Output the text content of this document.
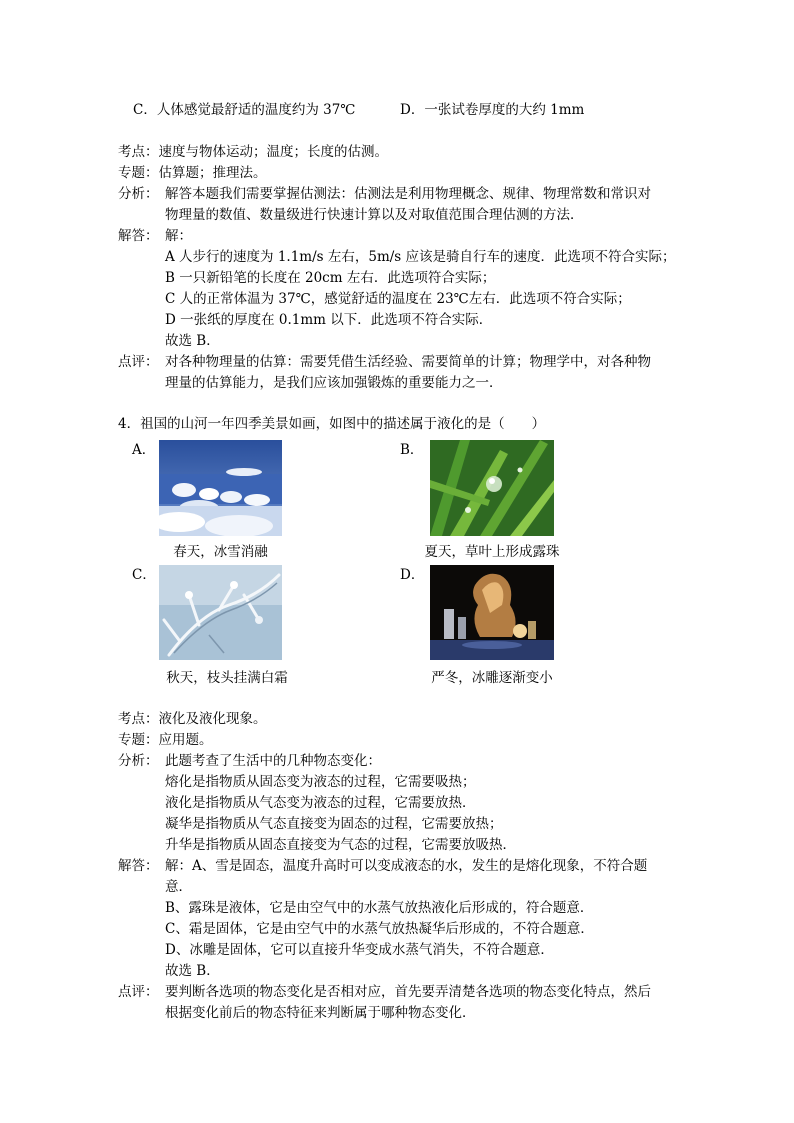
C．人体感觉最舒适的温度约为 37℃	D．一张试卷厚度的大约 1mm
考点：速度与物体运动；温度；长度的估测。
专题：估算题；推理法。
分析： 解答本题我们需要掌握估测法：估测法是利用物理概念、规律、物理常数和常识对
物理量的数值、数量级进行快速计算以及对取值范围合理估测的方法．
解答： 解：
A 人步行的速度为 1.1m/s 左右，5m/s 应该是骑自行车的速度．此选项不符合实际；
B 一只新铅笔的长度在 20cm 左右．此选项符合实际；
C 人的正常体温为 37℃，感觉舒适的温度在 23℃左右．此选项不符合实际；
D 一张纸的厚度在 0.1mm 以下．此选项不符合实际．
故选 B．
点评： 对各种物理量的估算：需要凭借生活经验、需要简单的计算；物理学中，对各种物
理量的估算能力，是我们应该加强锻炼的重要能力之一．
4．祖国的山河一年四季美景如画，如图中的描述属于液化的是（　　）
A．
春天，冰雪消融
B．
夏天，草叶上形成露珠
C．
秋天，枝头挂满白霜
D．
严冬，冰雕逐渐变小
考点：液化及液化现象。
专题：应用题。
分析： 此题考查了生活中的几种物态变化：
熔化是指物质从固态变为液态的过程，它需要吸热；
液化是指物质从气态变为液态的过程，它需要放热．
凝华是指物质从气态直接变为固态的过程，它需要放热；
升华是指物质从固态直接变为气态的过程，它需要放吸热．
解答： 解：A、雪是固态，温度升高时可以变成液态的水，发生的是熔化现象，不符合题
意．
B、露珠是液体，它是由空气中的水蒸气放热液化后形成的，符合题意．
C、霜是固体，它是由空气中的水蒸气放热凝华后形成的，不符合题意．
D、冰雕是固体，它可以直接升华变成水蒸气消失，不符合题意．
故选 B．
点评： 要判断各选项的物态变化是否相对应，首先要弄清楚各选项的物态变化特点，然后
根据变化前后的物态特征来判断属于哪种物态变化．
